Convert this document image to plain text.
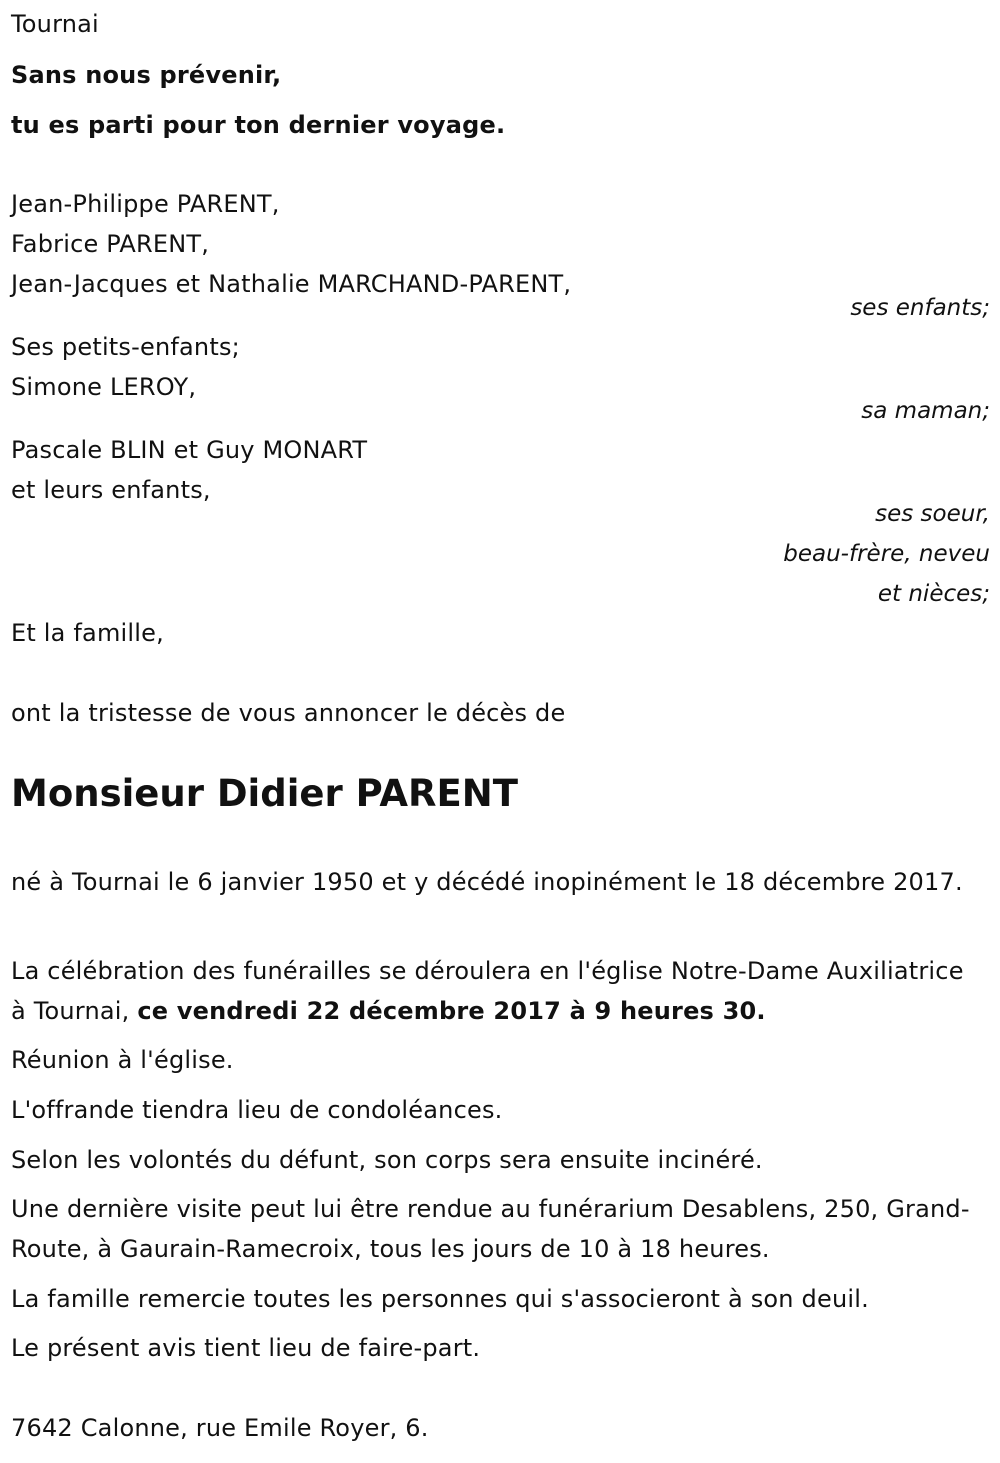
Tournai
Sans nous prévenir,
tu es parti pour ton dernier voyage.
Jean-Philippe PARENT,
Fabrice PARENT,
Jean-Jacques et Nathalie MARCHAND-PARENT,
ses enfants;
Ses petits-enfants;
Simone LEROY,
sa maman;
Pascale BLIN et Guy MONART
et leurs enfants,
ses soeur,
beau-frère, neveu
et nièces;
Et la famille,
ont la tristesse de vous annoncer le décès de
Monsieur Didier PARENT
né à Tournai le 6 janvier 1950 et y décédé inopinément le 18 décembre 2017.
La célébration des funérailles se déroulera en l'église Notre-Dame Auxiliatrice à Tournai, ce vendredi 22 décembre 2017 à 9 heures 30.
Réunion à l'église.
L'offrande tiendra lieu de condoléances.
Selon les volontés du défunt, son corps sera ensuite incinéré.
Une dernière visite peut lui être rendue au funérarium Desablens, 250, Grand-Route, à Gaurain-Ramecroix, tous les jours de 10 à 18 heures.
La famille remercie toutes les personnes qui s'associeront à son deuil.
Le présent avis tient lieu de faire-part.
7642 Calonne, rue Emile Royer, 6.
